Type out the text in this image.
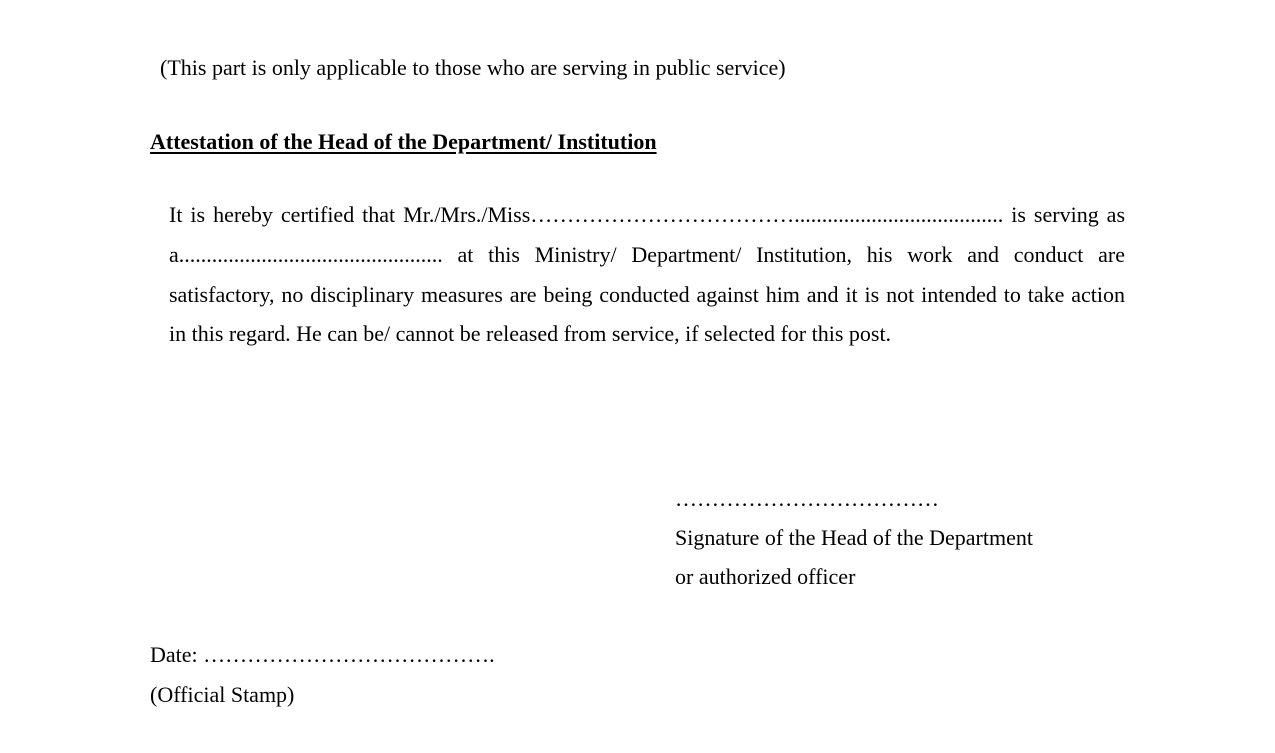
(This part is only applicable to those who are serving in public service)
Attestation of the Head of the Department/ Institution

It is hereby certified that Mr./Mrs./Miss………………………………...................................... is serving as a................................................ at this Ministry/ Department/ Institution, his work and conduct are satisfactory, no disciplinary measures are being conducted against him and it is not intended to take action in this regard. He can be/ cannot be released from service, if selected for this post.

………………………………
Signature of the Head of the Department
or authorized officer
Date: ………………………………….
(Official Stamp)
